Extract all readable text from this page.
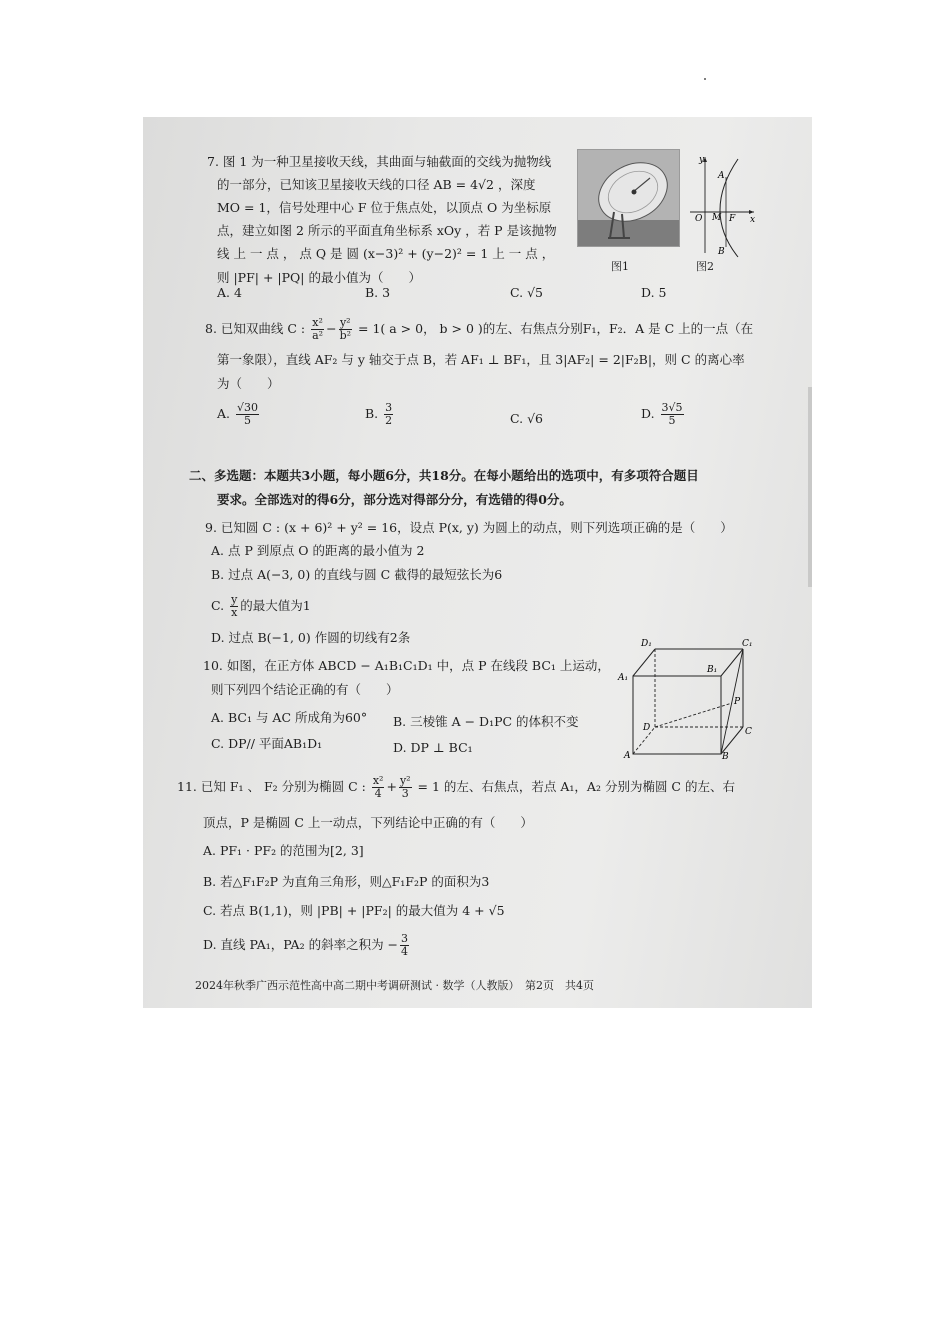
7. 图 1 为一种卫星接收天线，其曲面与轴截面的交线为抛物线
的一部分，已知该卫星接收天线的口径 AB = 4√2 ，深度
MO = 1，信号处理中心 F 位于焦点处，以顶点 O 为坐标原
点，建立如图 2 所示的平面直角坐标系 xOy ，若 P 是该抛物
线 上 一 点 ， 点 Q 是 圆 (x−3)² + (y−2)² = 1 上 一 点 ，
则 |PF| + |PQ| 的最小值为（　　）
图1
y
x
A
B
O M F
图2
A. 4	B. 3	C. √5	D. 5
8. 已知双曲线 C : $\frac{\text{x²}}{\text{a²}} - \frac{\text{y²}}{\text{b²}} = 1$( a > 0， b > 0 )的左、右焦点分别F₁，F₂．A 是 C 上的一点（在
第一象限），直线 AF₂ 与 y 轴交于点 B，若 AF₁ ⊥ BF₁，且 3|AF₂| = 2|F₂B|，则 C 的离心率
为（　　）
A. $\frac{√30}{5}$	B. $\frac{3}{2}$	C. √6	D. $\frac{3√5}{5}$
二、多选题：本题共3小题，每小题6分，共18分。在每小题给出的选项中，有多项符合题目
要求。全部选对的得6分，部分选对得部分分，有选错的得0分。
9. 已知圆 C : (x + 6)² + y² = 16，设点 P(x, y) 为圆上的动点，则下列选项正确的是（　　）
A. 点 P 到原点 O 的距离的最小值为 2
B. 过点 A(−3, 0) 的直线与圆 C 截得的最短弦长为6
C. $\frac{y}{x}$ 的最大值为1
D. 过点 B(−1, 0) 作圆的切线有2条
10. 如图，在正方体 ABCD − A₁B₁C₁D₁ 中，点 P 在线段 BC₁ 上运动，
则下列四个结论正确的有（　　）
A. BC₁ 与 AC 所成角为60° B. 三棱锥 A − D₁PC 的体积不变
C. DP// 平面AB₁D₁	D. DP ⊥ BC₁
A	B
C
D
A₁
B₁
C₁
D₁
P
11. 已知 F₁ 、 F₂ 分别为椭圆 C : $\frac{\text{x²}}{4} + \frac{\text{y²}}{3} = 1$ 的左、右焦点，若点 A₁，A₂ 分别为椭圆 C 的左、右
顶点，P 是椭圆 C 上一动点，下列结论中正确的有（　　）
A. PF₁ · PF₂ 的范围为[2, 3]
B. 若△F₁F₂P 为直角三角形，则△F₁F₂P 的面积为3
C. 若点 B(1,1)，则 |PB| + |PF₂| 的最大值为 4 + √5
D. 直线 PA₁，PA₂ 的斜率之积为 − $\frac{3}{4}$
2024年秋季广西示范性高中高二期中考调研测试 · 数学（人教版）　第2页　共4页
